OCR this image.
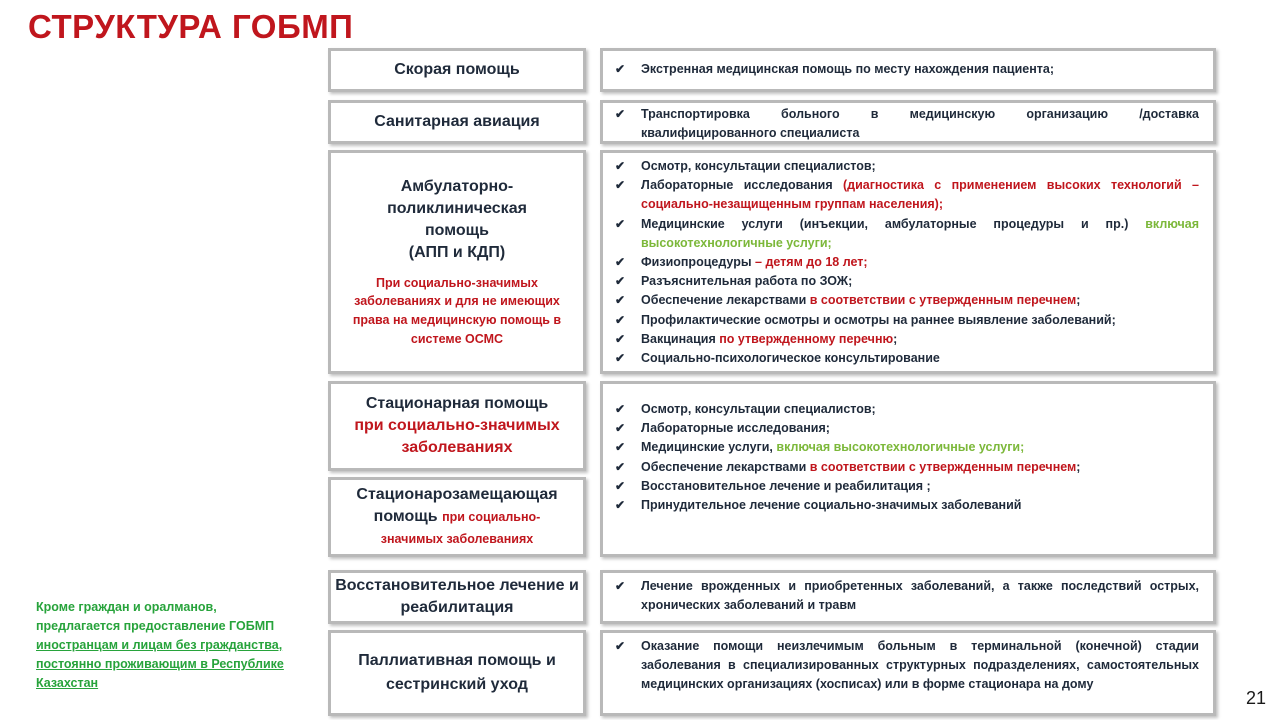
СТРУКТУРА ГОБМП
Скорая помощь	✔ Экстренная медицинская помощь по месту нахождения пациента;
Санитарная авиация	✔ Транспортировка больного в медицинскую организацию /доставка квалифицированного специалиста
Амбулаторно-
поликлиническая
помощь
(АПП и КДП)
При социально-значимых заболеваниях и для не имеющих права на медицинскую помощь в системе ОСМС
✔ Осмотр, консультации специалистов;
✔ Лабораторные исследования (диагностика с применением высоких технологий – социально-незащищенным группам населения);
✔ Медицинские услуги (инъекции, амбулаторные процедуры и пр.) включая высокотехнологичные услуги;
✔ Физиопроцедуры – детям до 18 лет;
✔ Разъяснительная работа по ЗОЖ;
✔ Обеспечение лекарствами в соответствии с утвержденным перечнем;
✔ Профилактические осмотры и осмотры на раннее выявление заболеваний;
✔ Вакцинация по утвержденному перечню;
✔ Социально-психологическое консультирование
Стационарная помощь
при социально-значимых
заболеваниях
Стационарозамещающая
помощь при социально-
значимых заболеваниях
✔ Осмотр, консультации специалистов;
✔ Лабораторные исследования;
✔ Медицинские услуги, включая высокотехнологичные услуги;
✔ Обеспечение лекарствами в соответствии с утвержденным перечнем;
✔ Восстановительное лечение и реабилитация ;
✔ Принудительное лечение социально-значимых заболеваний
Восстановительное лечение и
реабилитация
✔ Лечение врожденных и приобретенных заболеваний, а также последствий острых, хронических заболеваний и травм
Паллиативная помощь и
сестринский уход
✔ Оказание помощи неизлечимым больным в терминальной (конечной) стадии заболевания в специализированных структурных подразделениях, самостоятельных медицинских организациях (хосписах) или в форме стационара на дому
Кроме граждан и оралманов,
предлагается предоставление ГОБМП
иностранцам и лицам без гражданства,
постоянно проживающим в Республике
Казахстан
21
